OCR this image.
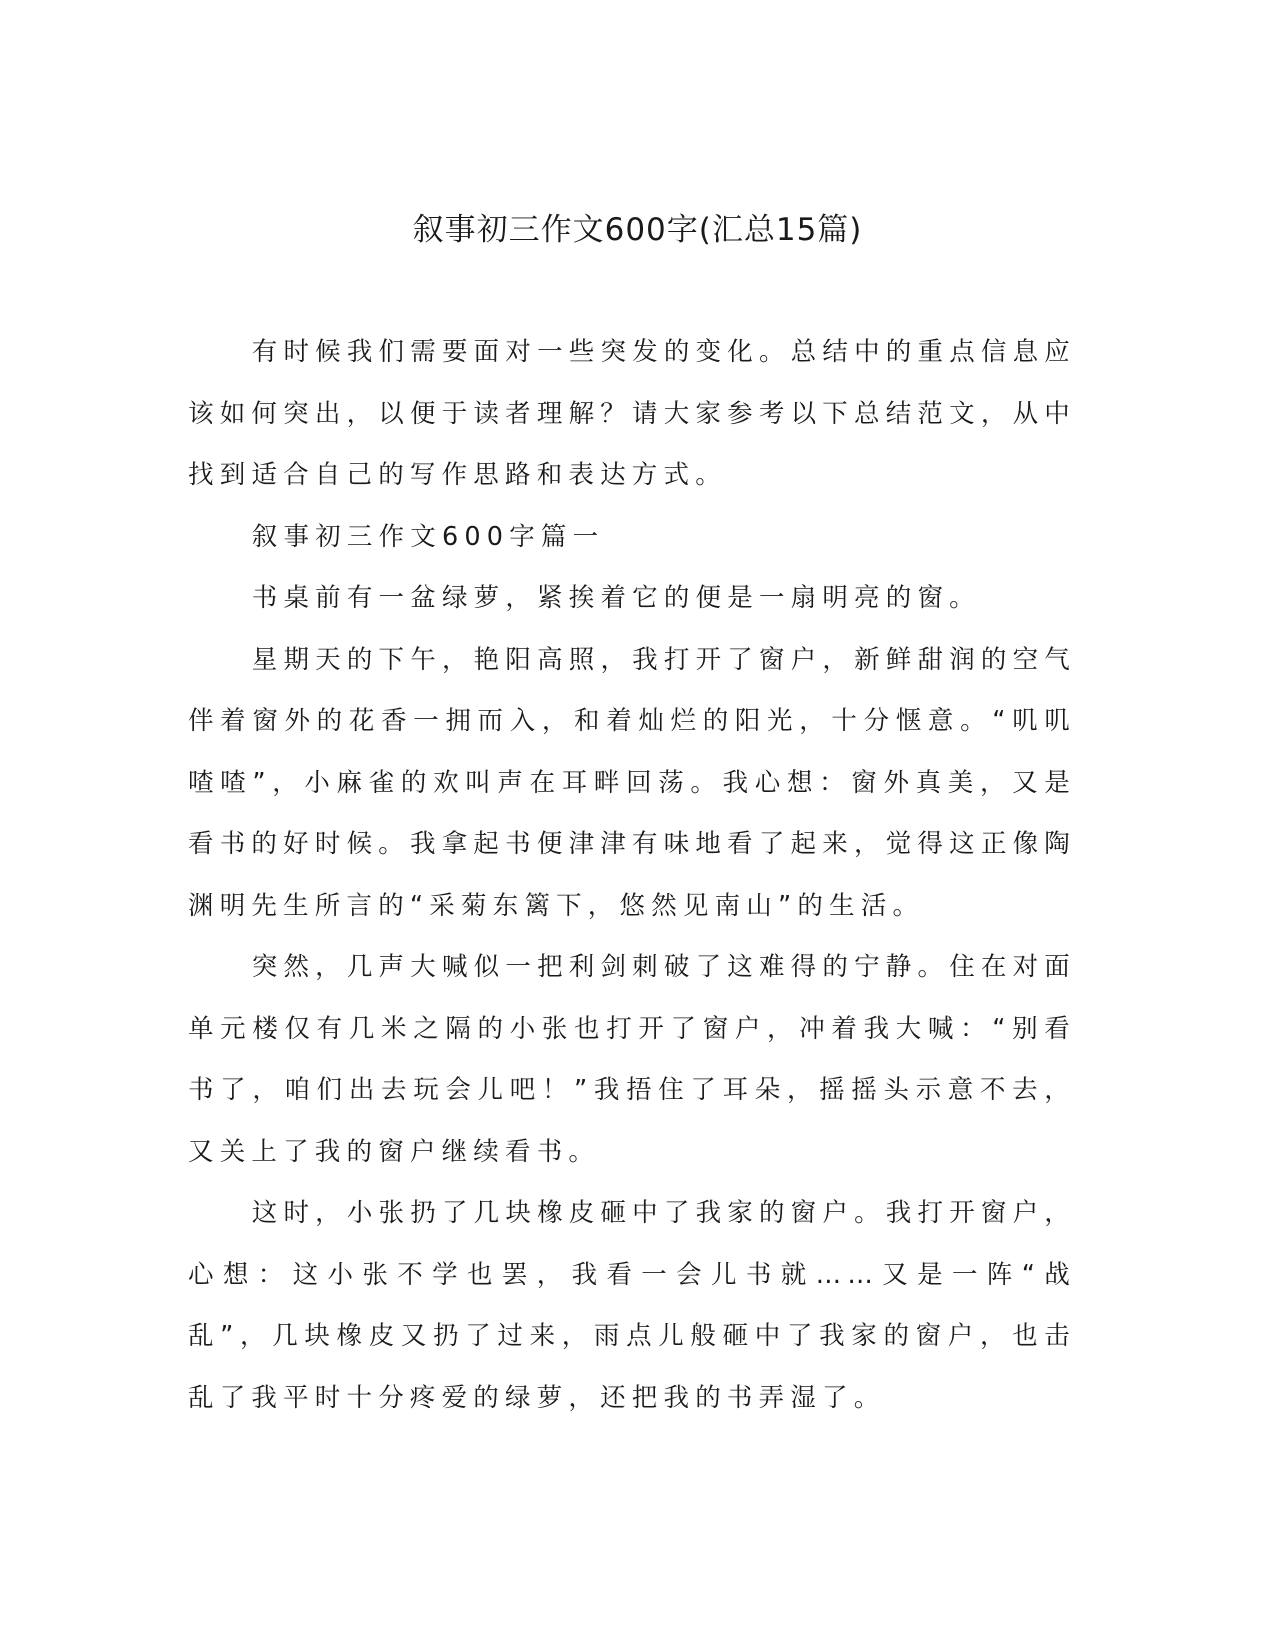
叙事初三作文600字(汇总15篇)

有时候我们需要面对一些突发的变化。总结中的重点信息应该如何突出，以便于读者理解？请大家参考以下总结范文，从中找到适合自己的写作思路和表达方式。

叙事初三作文600字篇一

书桌前有一盆绿萝，紧挨着它的便是一扇明亮的窗。

星期天的下午，艳阳高照，我打开了窗户，新鲜甜润的空气伴着窗外的花香一拥而入，和着灿烂的阳光，十分惬意。“叽叽喳喳”，小麻雀的欢叫声在耳畔回荡。我心想：窗外真美，又是看书的好时候。我拿起书便津津有味地看了起来，觉得这正像陶渊明先生所言的“采菊东篱下，悠然见南山”的生活。

突然，几声大喊似一把利剑刺破了这难得的宁静。住在对面单元楼仅有几米之隔的小张也打开了窗户，冲着我大喊：“别看书了，咱们出去玩会儿吧！”我捂住了耳朵，摇摇头示意不去，又关上了我的窗户继续看书。

这时，小张扔了几块橡皮砸中了我家的窗户。我打开窗户，心想：这小张不学也罢，我看一会儿书就……又是一阵“战乱”，几块橡皮又扔了过来，雨点儿般砸中了我家的窗户，也击乱了我平时十分疼爱的绿萝，还把我的书弄湿了。
